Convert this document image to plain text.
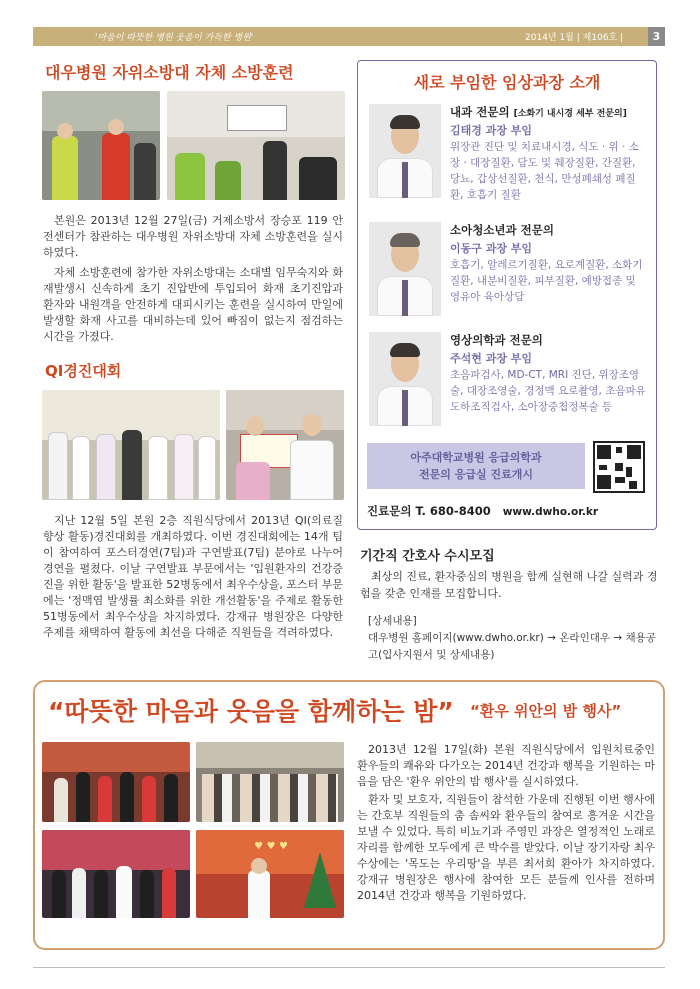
'마음이 따뜻한 병원 웃음이 가득한 병원'	2014년 1월 | 제106호 |	3
대우병원 자위소방대 자체 소방훈련
본원은 2013년 12월 27일(금) 거제소방서 장승포 119 안전센터가 참관하는 대우병원 자위소방대 자체 소방훈련을 실시하였다.
자체 소방훈련에 참가한 자위소방대는 소대별 임무숙지와 화재발생시 신속하게 초기 진압반에 투입되어 화재 초기진압과 환자와 내원객을 안전하게 대피시키는 훈련을 실시하여 만일에 발생할 화재 사고를 대비하는데 있어 빠짐이 없는지 점검하는 시간을 가졌다.
QI경진대회
지난 12월 5일 본원 2층 직원식당에서 2013년 QI(의료질 향상 활동)경진대회를 개최하였다. 이번 경진대회에는 14개 팀이 참여하여 포스터경연(7팀)과 구연발표(7팀) 분야로 나누어 경연을 펼쳤다. 이날 구연발표 부문에서는 '입원환자의 건강증진을 위한 활동'을 발표한 52병동에서 최우수상을, 포스터 부문에는 '정맥염 발생률 최소화를 위한 개선활동'을 주제로 활동한 51병동에서 최우수상을 차지하였다. 강재규 병원장은 다양한 주제를 채택하여 활동에 최선을 다해준 직원들을 격려하였다.
새로 부임한 임상과장 소개
내과 전문의 [소화기 내시경 세부 전문의]
김태경 과장 부임
위장관 진단 및 치료내시경, 식도 · 위 · 소장 · 대장질환, 담도 및 췌장질환, 간질환, 당뇨, 갑상선질환, 천식, 만성폐쇄성 폐질환, 호흡기 질환
소아청소년과 전문의
이동구 과장 부임
호흡기, 알레르기질환, 요로계질환, 소화기질환, 내분비질환, 피부질환, 예방접종 및 영유아 육아상담
영상의학과 전문의
주석현 과장 부임
초음파검사, MD-CT, MRI 진단, 위장조영술, 대장조영술, 경정맥 요로촬영, 초음파유도하조직검사, 소아장중첩정복술 등
아주대학교병원 응급의학과
전문의 응급실 진료개시
진료문의 T. 680-8400 www.dwho.or.kr
기간직 간호사 수시모집
최상의 진료, 환자중심의 병원을 함께 실현해 나갈 실력과 경험을 갖춘 인재를 모집합니다.
[상세내용]
대우병원 홈페이지(www.dwho.or.kr) → 온라인대우 → 채용공고(입사지원서 및 상세내용)
“따뜻한 마음과 웃음을 함께하는 밤” “환우 위안의 밤 행사”
♥ ♥ ♥
2013년 12월 17일(화) 본원 직원식당에서 입원치료중인 환우들의 쾌유와 다가오는 2014년 건강과 행복을 기원하는 마음을 담은 '환우 위안의 밤 행사'를 실시하였다.
환자 및 보호자, 직원들이 참석한 가운데 진행된 이번 행사에는 간호부 직원들의 춤 솜씨와 환우들의 참여로 흥겨운 시간을 보낼 수 있었다. 특히 비뇨기과 주영민 과장은 열정적인 노래로 자리를 함께한 모두에게 큰 박수를 받았다. 이날 장기자랑 최우수상에는 '목도는 우리땅'을 부른 최서희 환아가 차지하였다. 강재규 병원장은 행사에 참여한 모든 분들께 인사를 전하며 2014년 건강과 행복을 기원하였다.
